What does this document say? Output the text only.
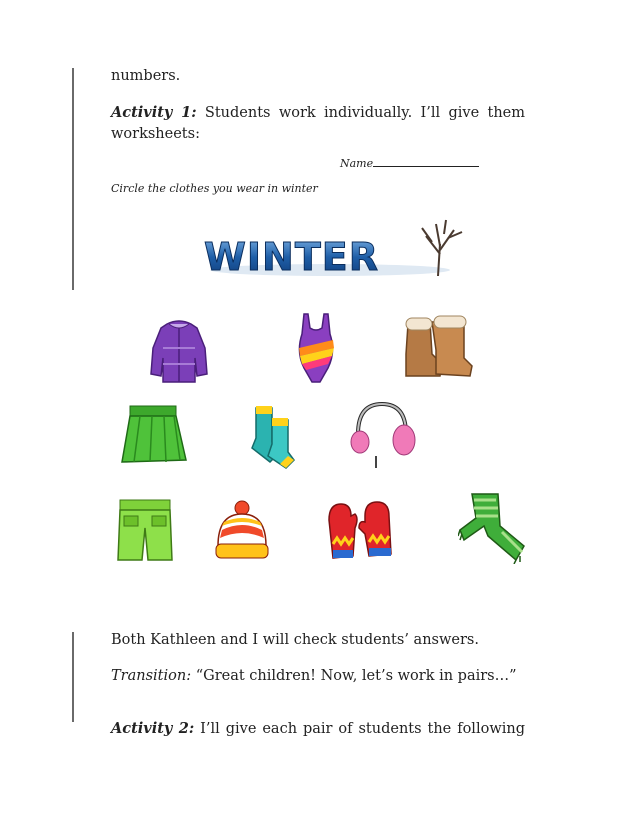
numbers.
Activity 1: Students work individually. I’ll give them
worksheets:
Name
Circle the clothes you wear in winter
WINTER
Both Kathleen and I will check students’ answers.
Transition: “Great children! Now, let’s work in pairs…”
Activity 2: I’ll give each pair of students the following
